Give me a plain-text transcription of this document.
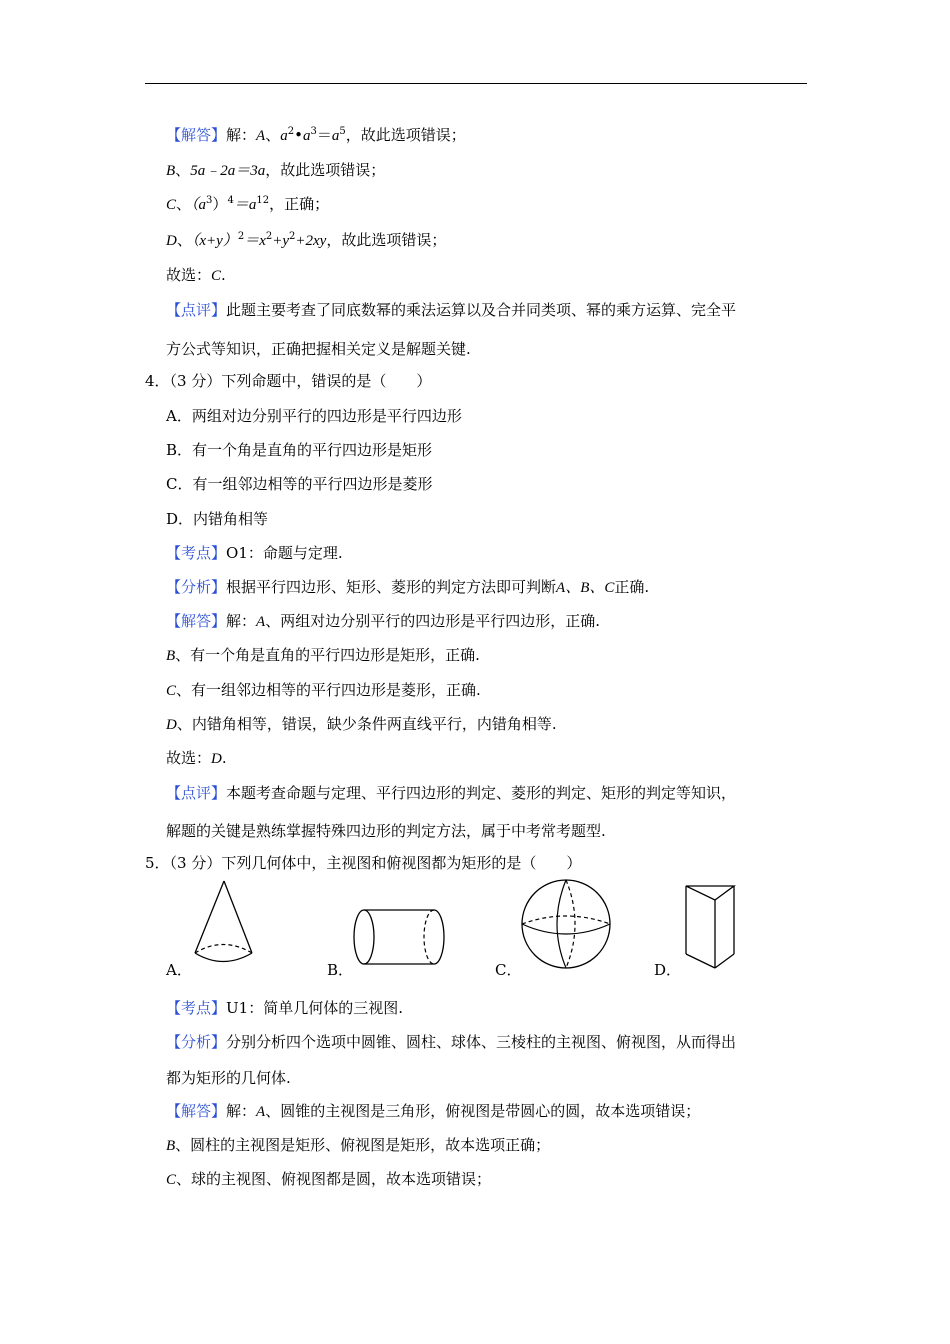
【解答】解：A、$a^2•a^3=a^5$，故此选项错误；
B、5a﹣2a＝3a，故此选项错误；
C、$(a^3)^4=a^{12}$，正确；
D、$(x+y)^2=x^2+y^2+2xy$，故此选项错误；
故选：C.
【点评】此题主要考查了同底数幂的乘法运算以及合并同类项、幂的乘方运算、完全平
方公式等知识，正确把握相关定义是解题关键.
4．（3 分）下列命题中，错误的是（　　）
A．两组对边分别平行的四边形是平行四边形
B．有一个角是直角的平行四边形是矩形
C．有一组邻边相等的平行四边形是菱形
D．内错角相等
【考点】O1：命题与定理.
【分析】根据平行四边形、矩形、菱形的判定方法即可判断A、B、C正确.
【解答】解：A、两组对边分别平行的四边形是平行四边形，正确.
B、有一个角是直角的平行四边形是矩形，正确.
C、有一组邻边相等的平行四边形是菱形，正确.
D、内错角相等，错误，缺少条件两直线平行，内错角相等.
故选：D.
【点评】本题考查命题与定理、平行四边形的判定、菱形的判定、矩形的判定等知识，
解题的关键是熟练掌握特殊四边形的判定方法，属于中考常考题型.
5．（3 分）下列几何体中，主视图和俯视图都为矩形的是（　　）
A．	B．	C．	D．
【考点】U1：简单几何体的三视图.
【分析】分别分析四个选项中圆锥、圆柱、球体、三棱柱的主视图、俯视图，从而得出
都为矩形的几何体.
【解答】解：A、圆锥的主视图是三角形，俯视图是带圆心的圆，故本选项错误；
B、圆柱的主视图是矩形、俯视图是矩形，故本选项正确；
C、球的主视图、俯视图都是圆，故本选项错误；
